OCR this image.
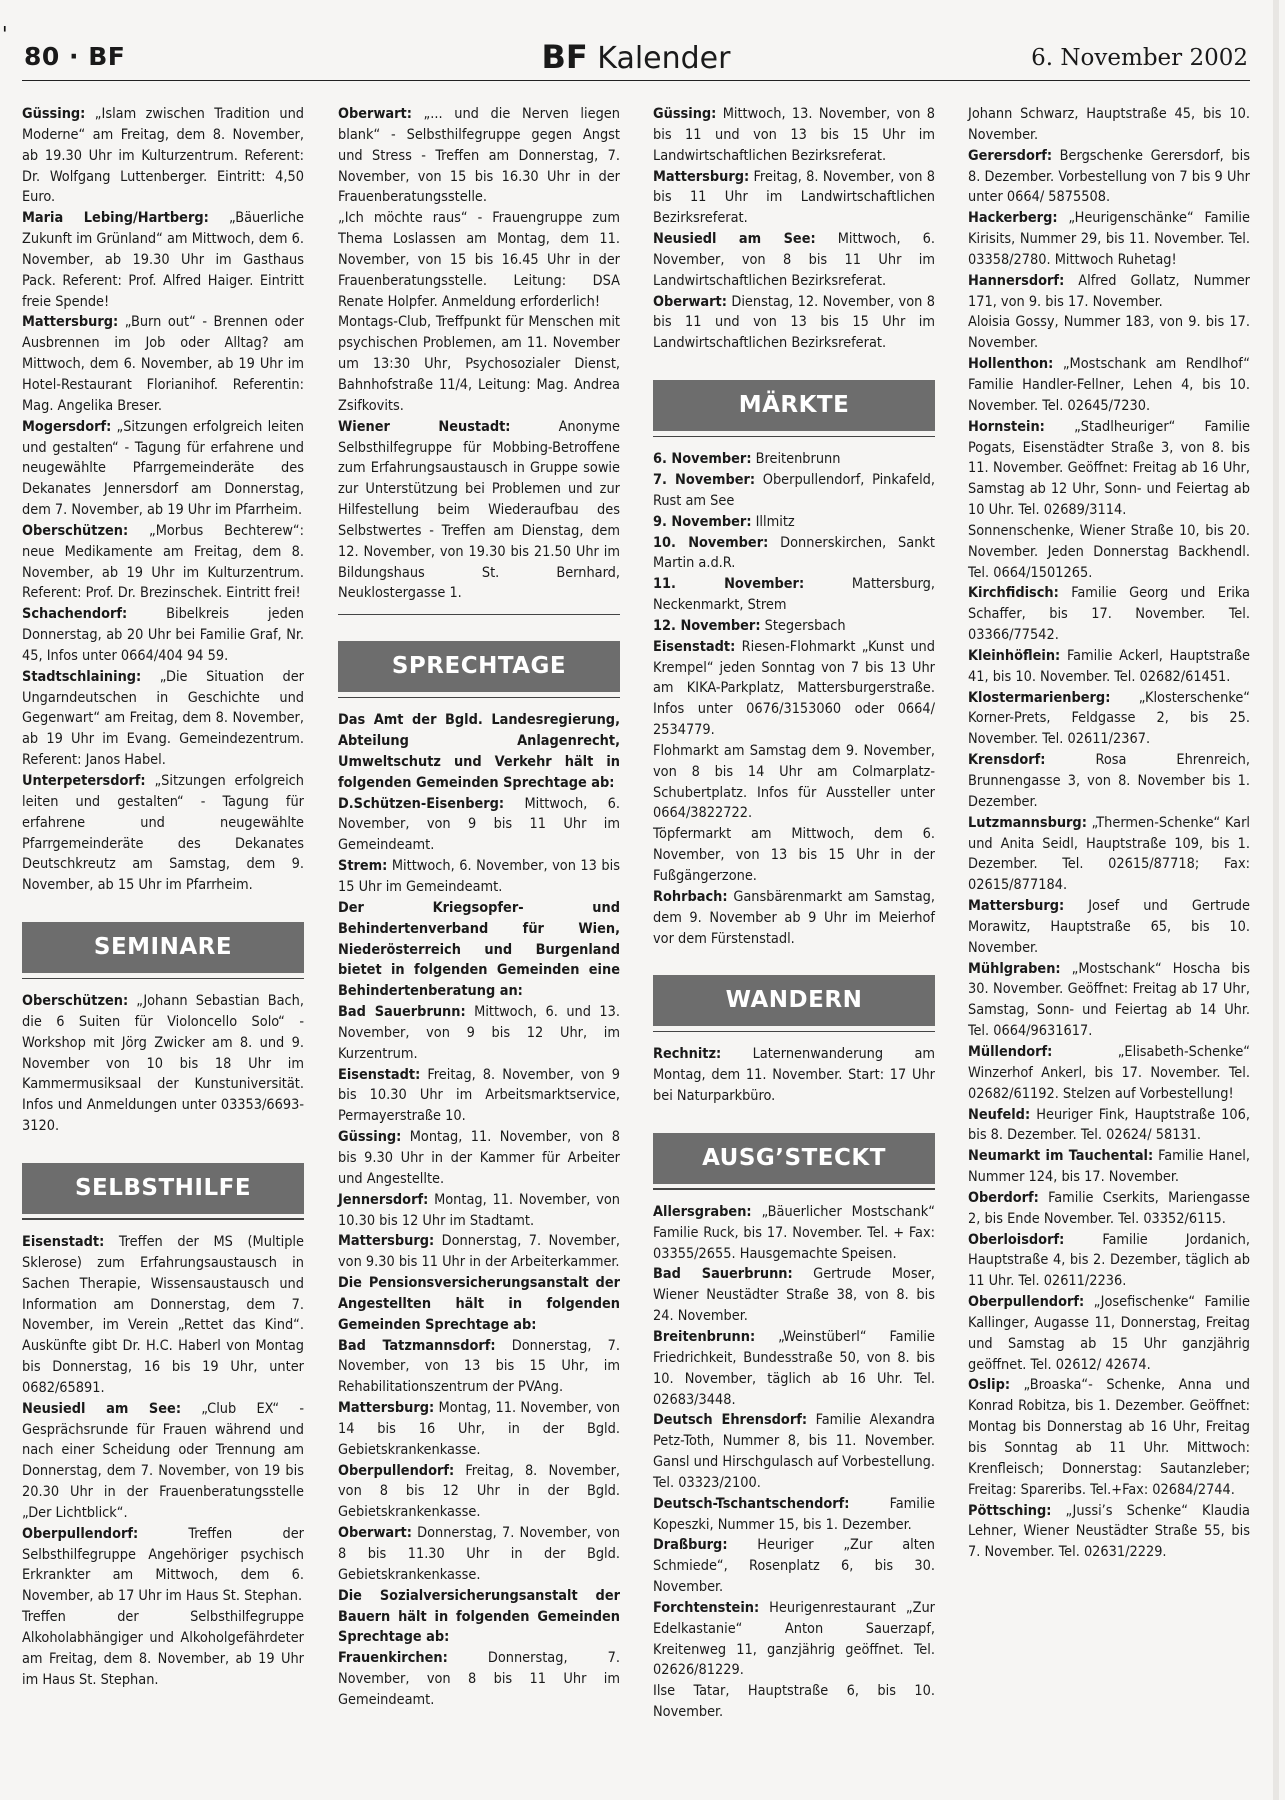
'
80 · BF	BF Kalender	6. November 2002

Güssing: „Islam zwischen Tradition und Moderne“ am Freitag, dem 8. November, ab 19.30 Uhr im Kulturzentrum. Referent: Dr. Wolfgang Luttenberger. Eintritt: 4,50 Euro.

Maria Lebing/Hartberg: „Bäuerliche Zukunft im Grünland“ am Mittwoch, dem 6. November, ab 19.30 Uhr im Gasthaus Pack. Referent: Prof. Alfred Haiger. Eintritt freie Spende!

Mattersburg: „Burn out“ - Brennen oder Ausbrennen im Job oder Alltag? am Mittwoch, dem 6. November, ab 19 Uhr im Hotel-Restaurant Florianihof. Referentin: Mag. Angelika Breser.

Mogersdorf: „Sitzungen erfolgreich leiten und gestalten“ - Tagung für erfahrene und neugewählte Pfarrgemeinderäte des Dekanates Jennersdorf am Donnerstag, dem 7. November, ab 19 Uhr im Pfarrheim.

Oberschützen: „Morbus Bechterew“: neue Medikamente am Freitag, dem 8. November, ab 19 Uhr im Kulturzentrum. Referent: Prof. Dr. Brezinschek. Eintritt frei!

Schachendorf: Bibelkreis jeden Donnerstag, ab 20 Uhr bei Familie Graf, Nr. 45, Infos unter 0664/404 94 59.

Stadtschlaining: „Die Situation der Ungarndeutschen in Geschichte und Gegenwart“ am Freitag, dem 8. November, ab 19 Uhr im Evang. Gemeindezentrum. Referent: Janos Habel.

Unterpetersdorf: „Sitzungen erfolgreich leiten und gestalten“ - Tagung für erfahrene und neugewählte Pfarrgemeinderäte des Dekanates Deutschkreutz am Samstag, dem 9. November, ab 15 Uhr im Pfarrheim.

SEMINARE

Oberschützen: „Johann Sebastian Bach, die 6 Suiten für Violoncello Solo“ - Workshop mit Jörg Zwicker am 8. und 9. November von 10 bis 18 Uhr im Kammermusiksaal der Kunstuniversität. Infos und Anmeldungen unter 03353/6693-3120.

SELBSTHILFE

Eisenstadt: Treffen der MS (Multiple Sklerose) zum Erfahrungsaustausch in Sachen Therapie, Wissensaustausch und Information am Donnerstag, dem 7. November, im Verein „Rettet das Kind“. Auskünfte gibt Dr. H.C. Haberl von Montag bis Donnerstag, 16 bis 19 Uhr, unter 0682/65891.

Neusiedl am See: „Club EX“ - Gesprächsrunde für Frauen während und nach einer Scheidung oder Trennung am Donnerstag, dem 7. November, von 19 bis 20.30 Uhr in der Frauenberatungsstelle „Der Lichtblick“.

Oberpullendorf: Treffen der Selbsthilfegruppe Angehöriger psychisch Erkrankter am Mittwoch, dem 6. November, ab 17 Uhr im Haus St. Stephan.

Treffen der Selbsthilfegruppe Alkoholabhängiger und Alkoholgefährdeter am Freitag, dem 8. November, ab 19 Uhr im Haus St. Stephan.

Oberwart: „... und die Nerven liegen blank“ - Selbsthilfegruppe gegen Angst und Stress - Treffen am Donnerstag, 7. November, von 15 bis 16.30 Uhr in der Frauenberatungsstelle.

„Ich möchte raus“ - Frauengruppe zum Thema Loslassen am Montag, dem 11. November, von 15 bis 16.45 Uhr in der Frauenberatungsstelle. Leitung: DSA Renate Holpfer. Anmeldung erforderlich!

Montags-Club, Treffpunkt für Menschen mit psychischen Problemen, am 11. November um 13:30 Uhr, Psychosozialer Dienst, Bahnhofstraße 11/4, Leitung: Mag. Andrea Zsifkovits.

Wiener Neustadt: Anonyme Selbsthilfegruppe für Mobbing-Betroffene zum Erfahrungsaustausch in Gruppe sowie zur Unterstützung bei Problemen und zur Hilfestellung beim Wiederaufbau des Selbstwertes - Treffen am Dienstag, dem 12. November, von 19.30 bis 21.50 Uhr im Bildungshaus St. Bernhard, Neuklostergasse 1.

SPRECHTAGE

Das Amt der Bgld. Landesregierung, Abteilung Anlagenrecht, Umweltschutz und Verkehr hält in folgenden Gemeinden Sprechtage ab:

D.Schützen-Eisenberg: Mittwoch, 6. November, von 9 bis 11 Uhr im Gemeindeamt.

Strem: Mittwoch, 6. November, von 13 bis 15 Uhr im Gemeindeamt.

Der Kriegsopfer- und Behindertenverband für Wien, Niederösterreich und Burgenland bietet in folgenden Gemeinden eine Behindertenberatung an:

Bad Sauerbrunn: Mittwoch, 6. und 13. November, von 9 bis 12 Uhr, im Kurzentrum.

Eisenstadt: Freitag, 8. November, von 9 bis 10.30 Uhr im Arbeitsmarktservice, Permayerstraße 10.

Güssing: Montag, 11. November, von 8 bis 9.30 Uhr in der Kammer für Arbeiter und Angestellte.

Jennersdorf: Montag, 11. November, von 10.30 bis 12 Uhr im Stadtamt.

Mattersburg: Donnerstag, 7. November, von 9.30 bis 11 Uhr in der Arbeiterkammer.

Die Pensionsversicherungsanstalt der Angestellten hält in folgenden Gemeinden Sprechtage ab:

Bad Tatzmannsdorf: Donnerstag, 7. November, von 13 bis 15 Uhr, im Rehabilitationszentrum der PVAng.

Mattersburg: Montag, 11. November, von 14 bis 16 Uhr, in der Bgld. Gebietskrankenkasse.

Oberpullendorf: Freitag, 8. November, von 8 bis 12 Uhr in der Bgld. Gebietskrankenkasse.

Oberwart: Donnerstag, 7. November, von 8 bis 11.30 Uhr in der Bgld. Gebietskrankenkasse.

Die Sozialversicherungsanstalt der Bauern hält in folgenden Gemeinden Sprechtage ab:

Frauenkirchen: Donnerstag, 7. November, von 8 bis 11 Uhr im Gemeindeamt.

Güssing: Mittwoch, 13. November, von 8 bis 11 und von 13 bis 15 Uhr im Landwirtschaftlichen Bezirksreferat.

Mattersburg: Freitag, 8. November, von 8 bis 11 Uhr im Landwirtschaftlichen Bezirksreferat.

Neusiedl am See: Mittwoch, 6. November, von 8 bis 11 Uhr im Landwirtschaftlichen Bezirksreferat.

Oberwart: Dienstag, 12. November, von 8 bis 11 und von 13 bis 15 Uhr im Landwirtschaftlichen Bezirksreferat.

MÄRKTE

6. November: Breitenbrunn

7. November: Oberpullendorf, Pinkafeld, Rust am See

9. November: Illmitz

10. November: Donnerskirchen, Sankt Martin a.d.R.

11. November: Mattersburg, Neckenmarkt, Strem

12. November: Stegersbach

Eisenstadt: Riesen-Flohmarkt „Kunst und Krempel“ jeden Sonntag von 7 bis 13 Uhr am KIKA-Parkplatz, Mattersburgerstraße. Infos unter 0676/3153060 oder 0664/ 2534779.

Flohmarkt am Samstag dem 9. November, von 8 bis 14 Uhr am Colmarplatz-Schubertplatz. Infos für Aussteller unter 0664/3822722.

Töpfermarkt am Mittwoch, dem 6. November, von 13 bis 15 Uhr in der Fußgängerzone.

Rohrbach: Gansbärenmarkt am Samstag, dem 9. November ab 9 Uhr im Meierhof vor dem Fürstenstadl.

WANDERN

Rechnitz: Laternenwanderung am Montag, dem 11. November. Start: 17 Uhr bei Naturparkbüro.

AUSG’STECKT

Allersgraben: „Bäuerlicher Mostschank“ Familie Ruck, bis 17. November. Tel. + Fax: 03355/2655. Hausgemachte Speisen.

Bad Sauerbrunn: Gertrude Moser, Wiener Neustädter Straße 38, von 8. bis 24. November.

Breitenbrunn: „Weinstüberl“ Familie Friedrichkeit, Bundesstraße 50, von 8. bis 10. November, täglich ab 16 Uhr. Tel. 02683/3448.

Deutsch Ehrensdorf: Familie Alexandra Petz-Toth, Nummer 8, bis 11. November. Gansl und Hirschgulasch auf Vorbestellung. Tel. 03323/2100.

Deutsch-Tschantschendorf: Familie Kopeszki, Nummer 15, bis 1. Dezember.

Draßburg: Heuriger „Zur alten Schmiede“, Rosenplatz 6, bis 30. November.

Forchtenstein: Heurigenrestaurant „Zur Edelkastanie“ Anton Sauerzapf, Kreitenweg 11, ganzjährig geöffnet. Tel. 02626/81229.

Ilse Tatar, Hauptstraße 6, bis 10. November.

Johann Schwarz, Hauptstraße 45, bis 10. November.

Gerersdorf: Bergschenke Gerersdorf, bis 8. Dezember. Vorbestellung von 7 bis 9 Uhr unter 0664/ 5875508.

Hackerberg: „Heurigenschänke“ Familie Kirisits, Nummer 29, bis 11. November. Tel. 03358/2780. Mittwoch Ruhetag!

Hannersdorf: Alfred Gollatz, Nummer 171, von 9. bis 17. November.

Aloisia Gossy, Nummer 183, von 9. bis 17. November.

Hollenthon: „Mostschank am Rendlhof“ Familie Handler-Fellner, Lehen 4, bis 10. November. Tel. 02645/7230.

Hornstein: „Stadlheuriger“ Familie Pogats, Eisenstädter Straße 3, von 8. bis 11. November. Geöffnet: Freitag ab 16 Uhr, Samstag ab 12 Uhr, Sonn- und Feiertag ab 10 Uhr. Tel. 02689/3114.

Sonnenschenke, Wiener Straße 10, bis 20. November. Jeden Donnerstag Backhendl. Tel. 0664/1501265.

Kirchfidisch: Familie Georg und Erika Schaffer, bis 17. November. Tel. 03366/77542.

Kleinhöflein: Familie Ackerl, Hauptstraße 41, bis 10. November. Tel. 02682/61451.

Klostermarienberg: „Klosterschenke“ Korner-Prets, Feldgasse 2, bis 25. November. Tel. 02611/2367.

Krensdorf: Rosa Ehrenreich, Brunnengasse 3, von 8. November bis 1. Dezember.

Lutzmannsburg: „Thermen-Schenke“ Karl und Anita Seidl, Hauptstraße 109, bis 1. Dezember. Tel. 02615/87718; Fax: 02615/877184.

Mattersburg: Josef und Gertrude Morawitz, Hauptstraße 65, bis 10. November.

Mühlgraben: „Mostschank“ Hoscha bis 30. November. Geöffnet: Freitag ab 17 Uhr, Samstag, Sonn- und Feiertag ab 14 Uhr. Tel. 0664/9631617.

Müllendorf: „Elisabeth-Schenke“ Winzerhof Ankerl, bis 17. November. Tel. 02682/61192. Stelzen auf Vorbestellung!

Neufeld: Heuriger Fink, Hauptstraße 106, bis 8. Dezember. Tel. 02624/ 58131.

Neumarkt im Tauchental: Familie Hanel, Nummer 124, bis 17. November.

Oberdorf: Familie Cserkits, Mariengasse 2, bis Ende November. Tel. 03352/6115.

Oberloisdorf: Familie Jordanich, Hauptstraße 4, bis 2. Dezember, täglich ab 11 Uhr. Tel. 02611/2236.

Oberpullendorf: „Josefischenke“ Familie Kallinger, Augasse 11, Donnerstag, Freitag und Samstag ab 15 Uhr ganzjährig geöffnet. Tel. 02612/ 42674.

Oslip: „Broaska“- Schenke, Anna und Konrad Robitza, bis 1. Dezember. Geöffnet: Montag bis Donnerstag ab 16 Uhr, Freitag bis Sonntag ab 11 Uhr. Mittwoch: Krenfleisch; Donnerstag: Sautanzleber; Freitag: Spareribs. Tel.+Fax: 02684/2744.

Pöttsching: „Jussi’s Schenke“ Klaudia Lehner, Wiener Neustädter Straße 55, bis 7. November. Tel. 02631/2229.
